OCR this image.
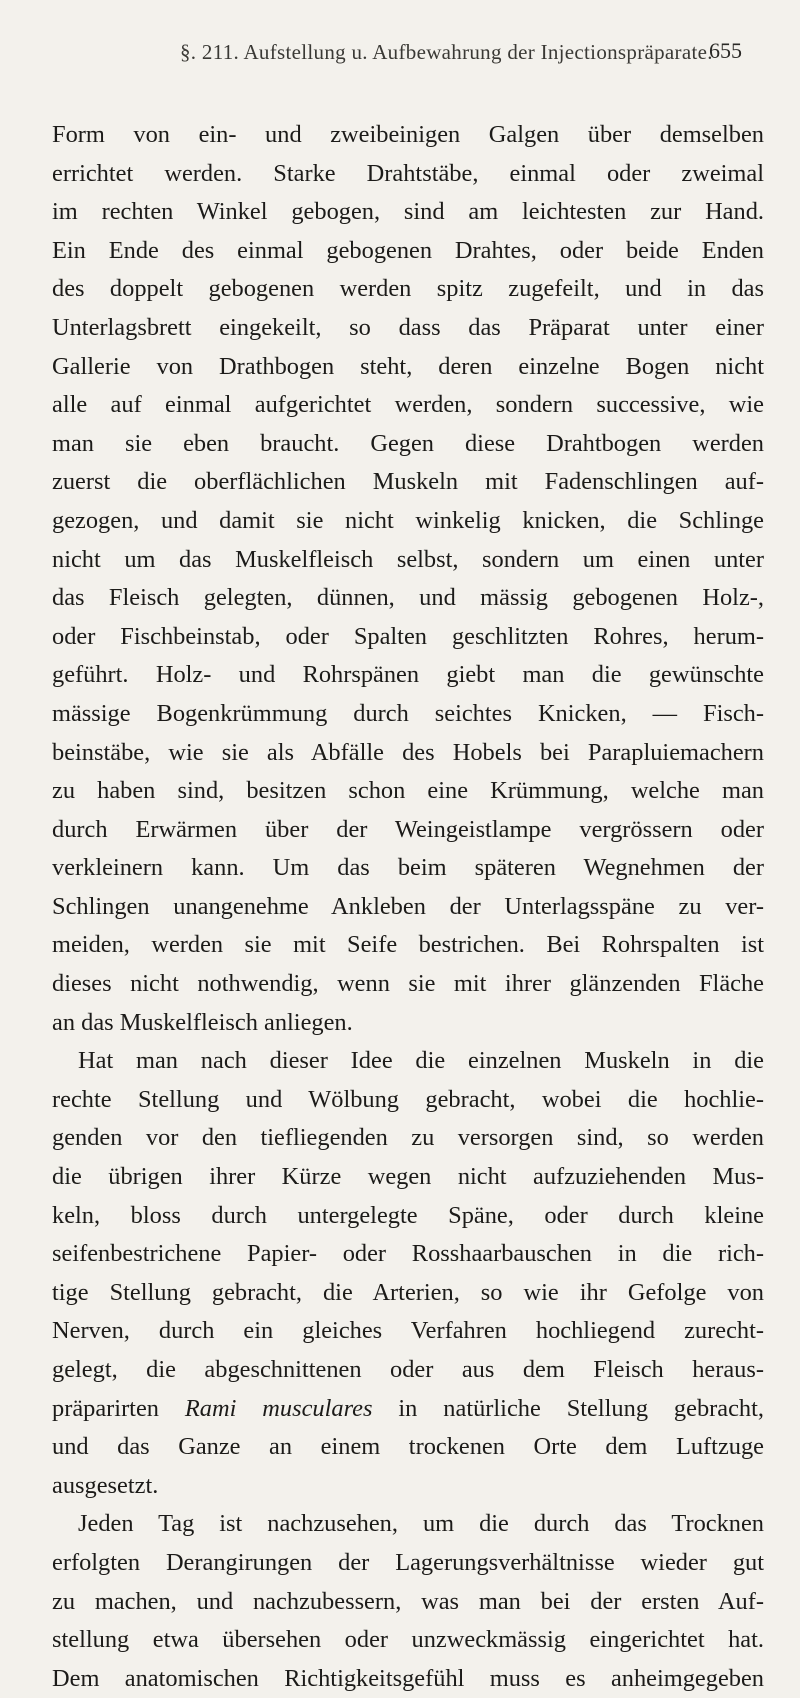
§. 211. Aufstellung u. Aufbewahrung der Injectionspräparate.
655
Form von ein- und zweibeinigen Galgen über demselben
errichtet werden. Starke Drahtstäbe, einmal oder zweimal
im rechten Winkel gebogen, sind am leichtesten zur Hand.
Ein Ende des einmal gebogenen Drahtes, oder beide Enden
des doppelt gebogenen werden spitz zugefeilt, und in das
Unterlagsbrett eingekeilt, so dass das Präparat unter einer
Gallerie von Drathbogen steht, deren einzelne Bogen nicht
alle auf einmal aufgerichtet werden, sondern successive, wie
man sie eben braucht. Gegen diese Drahtbogen werden
zuerst die oberflächlichen Muskeln mit Fadenschlingen auf-
gezogen, und damit sie nicht winkelig knicken, die Schlinge
nicht um das Muskelfleisch selbst, sondern um einen unter
das Fleisch gelegten, dünnen, und mässig gebogenen Holz-,
oder Fischbeinstab, oder Spalten geschlitzten Rohres, herum-
geführt. Holz- und Rohrspänen giebt man die gewünschte
mässige Bogenkrümmung durch seichtes Knicken, — Fisch-
beinstäbe, wie sie als Abfälle des Hobels bei Parapluiemachern
zu haben sind, besitzen schon eine Krümmung, welche man
durch Erwärmen über der Weingeistlampe vergrössern oder
verkleinern kann. Um das beim späteren Wegnehmen der
Schlingen unangenehme Ankleben der Unterlagsspäne zu ver-
meiden, werden sie mit Seife bestrichen. Bei Rohrspalten ist
dieses nicht nothwendig, wenn sie mit ihrer glänzenden Fläche
an das Muskelfleisch anliegen.
Hat man nach dieser Idee die einzelnen Muskeln in die
rechte Stellung und Wölbung gebracht, wobei die hochlie-
genden vor den tiefliegenden zu versorgen sind, so werden
die übrigen ihrer Kürze wegen nicht aufzuziehenden Mus-
keln, bloss durch untergelegte Späne, oder durch kleine
seifenbestrichene Papier- oder Rosshaarbauschen in die rich-
tige Stellung gebracht, die Arterien, so wie ihr Gefolge von
Nerven, durch ein gleiches Verfahren hochliegend zurecht-
gelegt, die abgeschnittenen oder aus dem Fleisch heraus-
präparirten Rami musculares in natürliche Stellung gebracht,
und das Ganze an einem trockenen Orte dem Luftzuge
ausgesetzt.
Jeden Tag ist nachzusehen, um die durch das Trocknen
erfolgten Derangirungen der Lagerungsverhältnisse wieder gut
zu machen, und nachzubessern, was man bei der ersten Auf-
stellung etwa übersehen oder unzweckmässig eingerichtet hat.
Dem anatomischen Richtigkeitsgefühl muss es anheimgegeben
